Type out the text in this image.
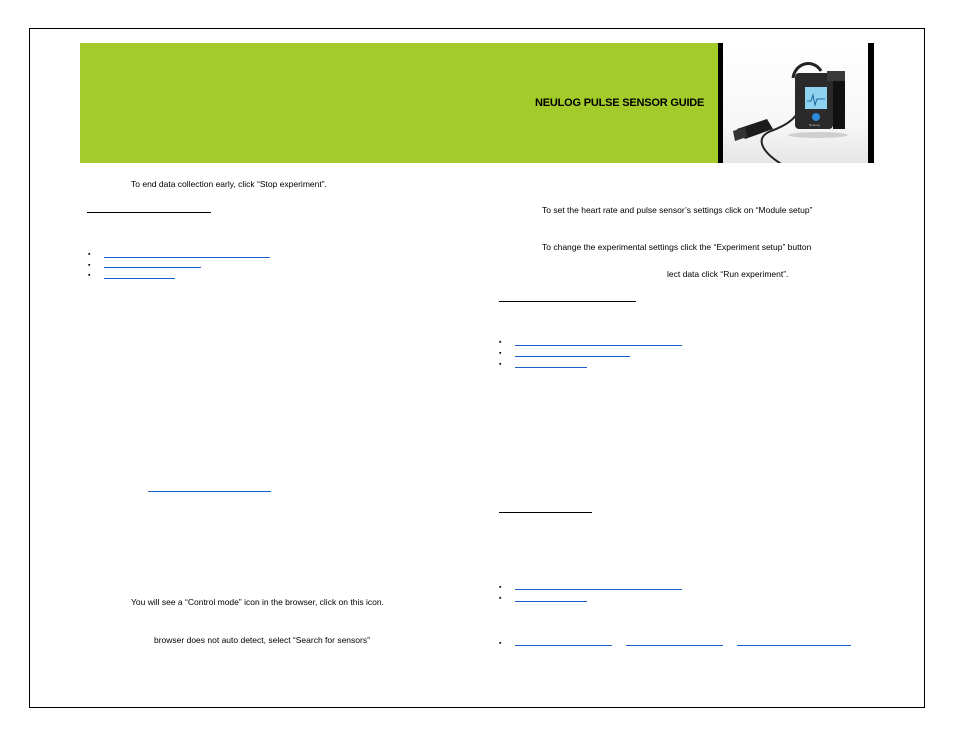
NEULOG PULSE SENSOR GUIDE
NeuLog
To end data collection early, click “Stop experiment”.
▪
▪
▪
You will see a “Control mode” icon in the browser, click on this icon.
browser does not auto detect, select “Search for sensors”
To set the heart rate and pulse sensor’s settings click on “Module setup”
To change the experimental settings click the “Experiment setup” button
lect data click “Run experiment”.
▪
▪
▪
▪
▪
▪
